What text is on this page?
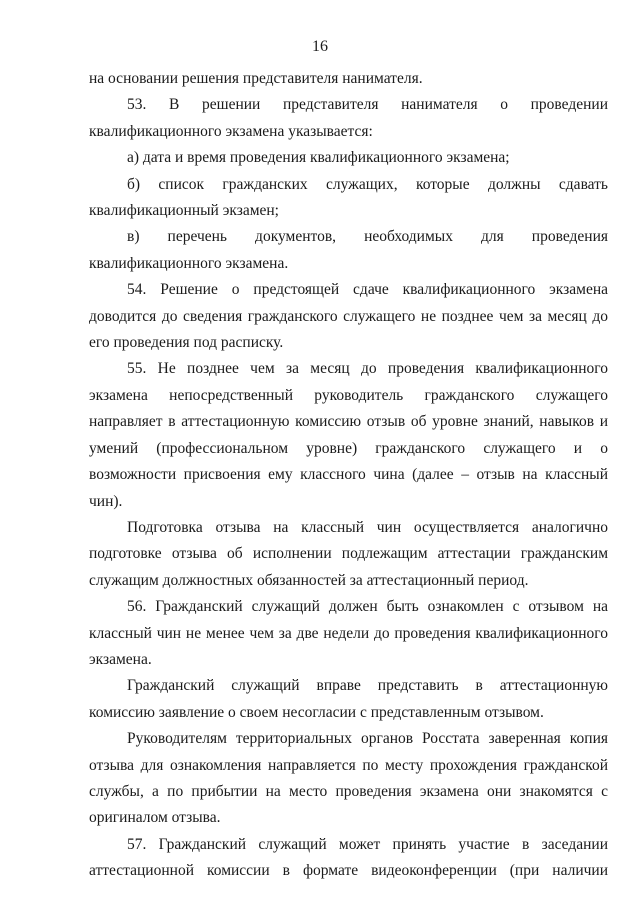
16

на основании решения представителя нанимателя.

53. В решении представителя нанимателя о проведении квалификационного экзамена указывается:

а) дата и время проведения квалификационного экзамена;

б) список гражданских служащих, которые должны сдавать квалификационный экзамен;

в) перечень документов, необходимых для проведения квалификационного экзамена.

54. Решение о предстоящей сдаче квалификационного экзамена доводится до сведения гражданского служащего не позднее чем за месяц до его проведения под расписку.

55. Не позднее чем за месяц до проведения квалификационного экзамена непосредственный руководитель гражданского служащего направляет в аттестационную комиссию отзыв об уровне знаний, навыков и умений (профессиональном уровне) гражданского служащего и о возможности присвоения ему классного чина (далее – отзыв на классный чин).

Подготовка отзыва на классный чин осуществляется аналогично подготовке отзыва об исполнении подлежащим аттестации гражданским служащим должностных обязанностей за аттестационный период.

56. Гражданский служащий должен быть ознакомлен с отзывом на классный чин не менее чем за две недели до проведения квалификационного экзамена.

Гражданский служащий вправе представить в аттестационную комиссию заявление о своем несогласии с представленным отзывом.

Руководителям территориальных органов Росстата заверенная копия отзыва для ознакомления направляется по месту прохождения гражданской службы, а по прибытии на место проведения экзамена они знакомятся с оригиналом отзыва.

57. Гражданский служащий может принять участие в заседании аттестационной комиссии в формате видеоконференции (при наличии
